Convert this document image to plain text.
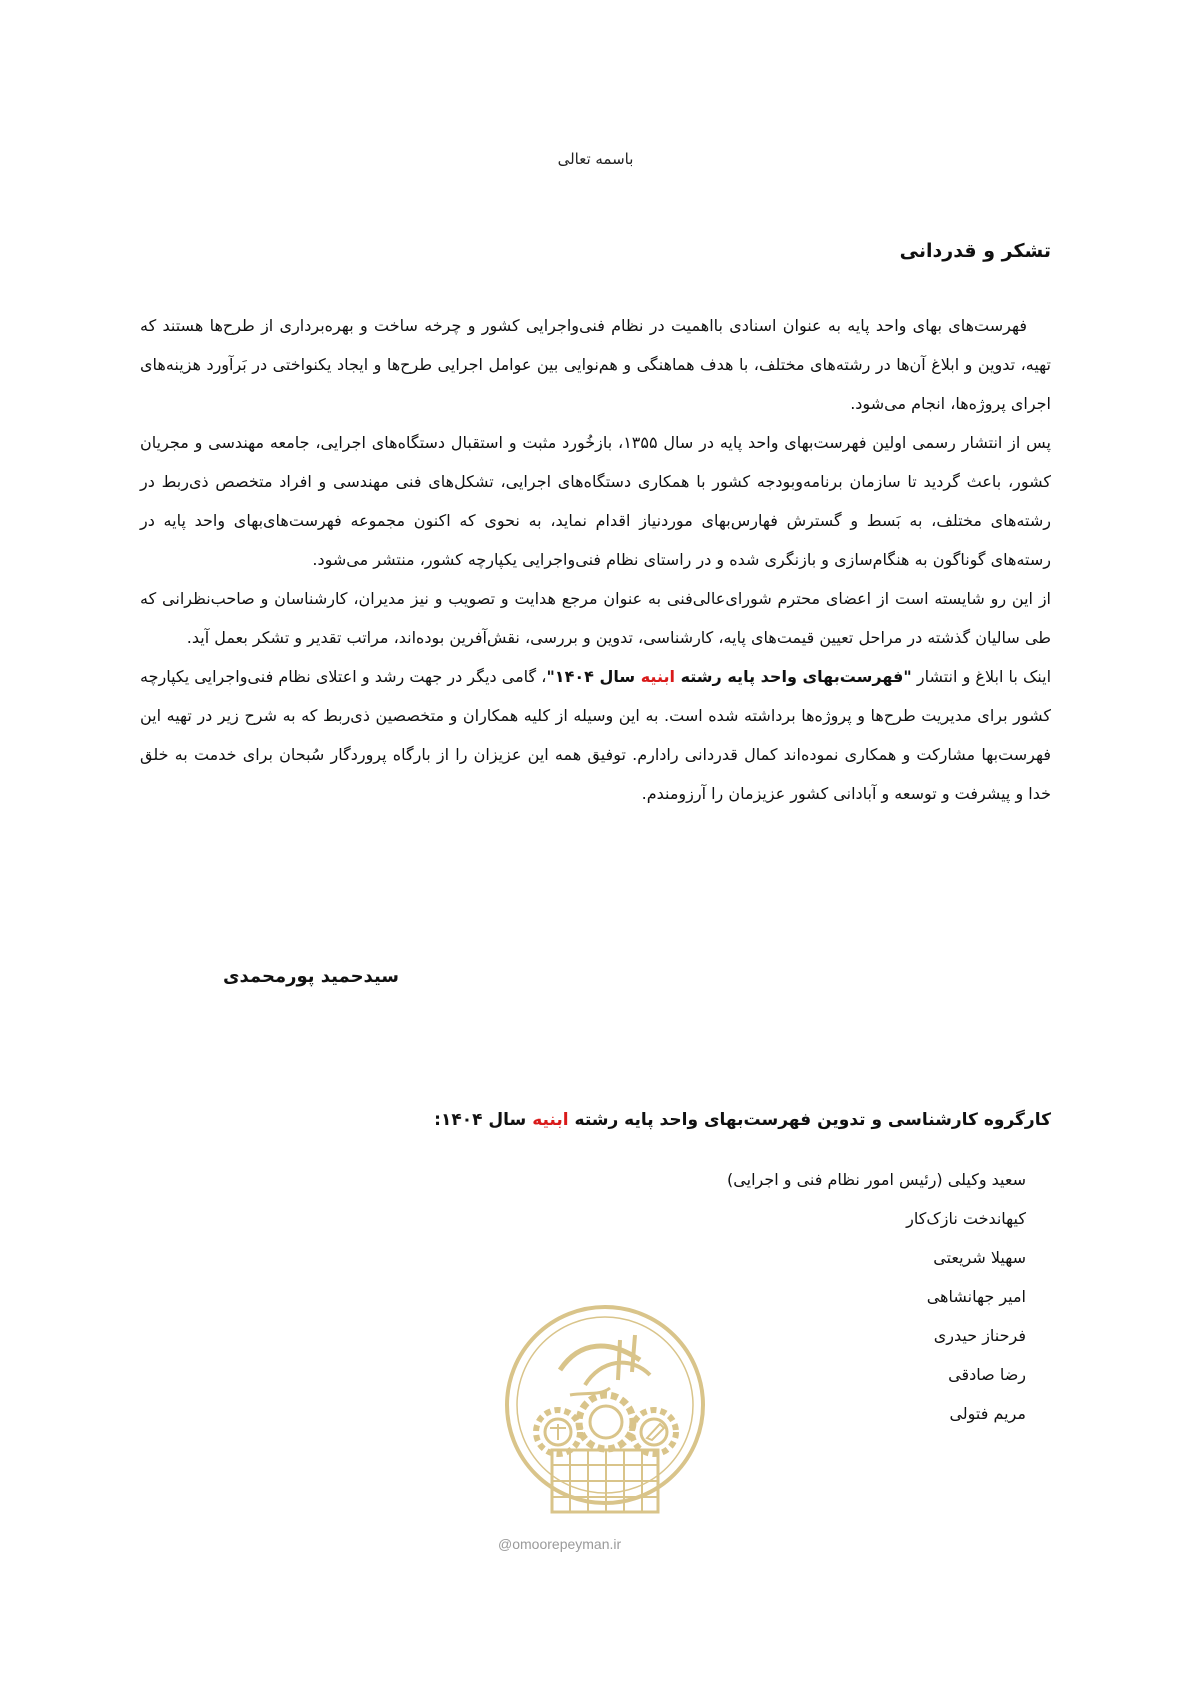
باسمه تعالی
تشکر و قدردانی

فهرست‌های بهای واحد پایه به عنوان اسنادی بااهمیت در نظام فنی‌واجرایی کشور و چرخه ساخت و بهره‌برداری از طرح‌ها هستند که تهیه، تدوین و ابلاغ آن‌ها در رشته‌های مختلف، با هدف هماهنگی و هم‌نوایی بین عوامل اجرایی طرح‌ها و ایجاد یکنواختی در بَرآورد هزینه‌های اجرای پروژه‌ها، انجام می‌شود.

پس از انتشار رسمی اولین فهرست‌بهای واحد پایه در سال ۱۳۵۵، بازخُورد مثبت و استقبال دستگاه‌های اجرایی، جامعه مهندسی و مجریان کشور، باعث گردید تا سازمان برنامه‌وبودجه کشور با همکاری دستگاه‌های اجرایی، تشکل‌های فنی مهندسی و افراد متخصص ذی‌ربط در رشته‌های مختلف، به بَسط و گسترش فهارس‌بهای موردنیاز اقدام نماید، به نحوی که اکنون مجموعه فهرست‌های‌بهای واحد پایه در رسته‌های گوناگون به هنگام‌سازی و بازنگری شده و در راستای نظام فنی‌واجرایی یکپارچه کشور، منتشر می‌شود.

از این رو شایسته است از اعضای محترم شورای‌عالی‌فنی به عنوان مرجع هدایت و تصویب و نیز مدیران، کارشناسان و صاحب‌نظرانی که طی سالیان گذشته در مراحل تعیین قیمت‌های پایه، کارشناسی، تدوین و بررسی، نقش‌آفرین بوده‌اند، مراتب تقدیر و تشکر بعمل آید.

اینک با ابلاغ و انتشار "فهرست‌بهای واحد پایه رشته ابنیه سال ۱۴۰۴"، گامی دیگر در جهت رشد و اعتلای نظام فنی‌واجرایی یکپارچه کشور برای مدیریت طرح‌ها و پروژه‌ها برداشته شده است. به این وسیله از کلیه همکاران و متخصصین ذی‌ربط که به شرح زیر در تهیه این فهرست‌بها مشارکت و همکاری نموده‌اند کمال قدردانی رادارم. توفیق همه این عزیزان را از بارگاه پروردگار سُبحان برای خدمت به خلق خدا و پیشرفت و توسعه و آبادانی کشور عزیزمان را آرزومندم.

سیدحمید پورمحمدی
کارگروه کارشناسی و تدوین فهرست‌بهای واحد پایه رشته ابنیه سال ۱۴۰۴:
سعید وکیلی (رئیس امور نظام فنی و اجرایی)
کیهاندخت نازک‌کار
سهیلا شریعتی
امیر جهانشاهی
فرحناز حیدری
رضا صادقی
مریم فتولی
@omoorepeyman.ir
